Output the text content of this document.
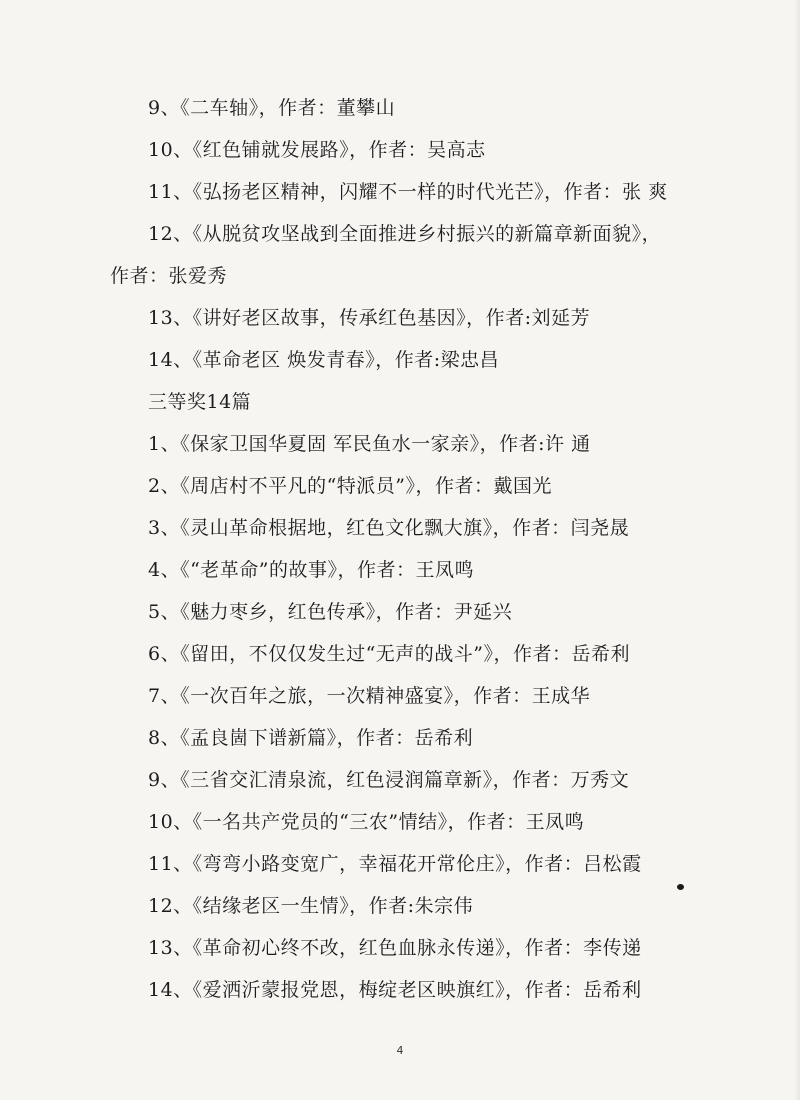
9、《二车轴》，作者：董攀山
10、《红色铺就发展路》，作者：吴高志
11、《弘扬老区精神，闪耀不一样的时代光芒》，作者：张 爽
12、《从脱贫攻坚战到全面推进乡村振兴的新篇章新面貌》，
作者：张爱秀
13、《讲好老区故事，传承红色基因》，作者:刘延芳
14、《革命老区 焕发青春》，作者:梁忠昌
三等奖14篇
1、《保家卫国华夏固 军民鱼水一家亲》，作者:许 通
2、《周店村不平凡的“特派员”》，作者：戴国光
3、《灵山革命根据地，红色文化飘大旗》，作者：闫尧晟
4、《“老革命”的故事》，作者：王凤鸣
5、《魅力枣乡，红色传承》，作者：尹延兴
6、《留田，不仅仅发生过“无声的战斗”》，作者：岳希利
7、《一次百年之旅，一次精神盛宴》，作者：王成华
8、《孟良崮下谱新篇》，作者：岳希利
9、《三省交汇清泉流，红色浸润篇章新》，作者：万秀文
10、《一名共产党员的“三农”情结》，作者：王凤鸣
11、《弯弯小路变宽广，幸福花开常伦庄》，作者：吕松霞
12、《结缘老区一生情》，作者:朱宗伟
13、《革命初心终不改，红色血脉永传递》，作者：李传递
14、《爱洒沂蒙报党恩，梅绽老区映旗红》，作者：岳希利
4
